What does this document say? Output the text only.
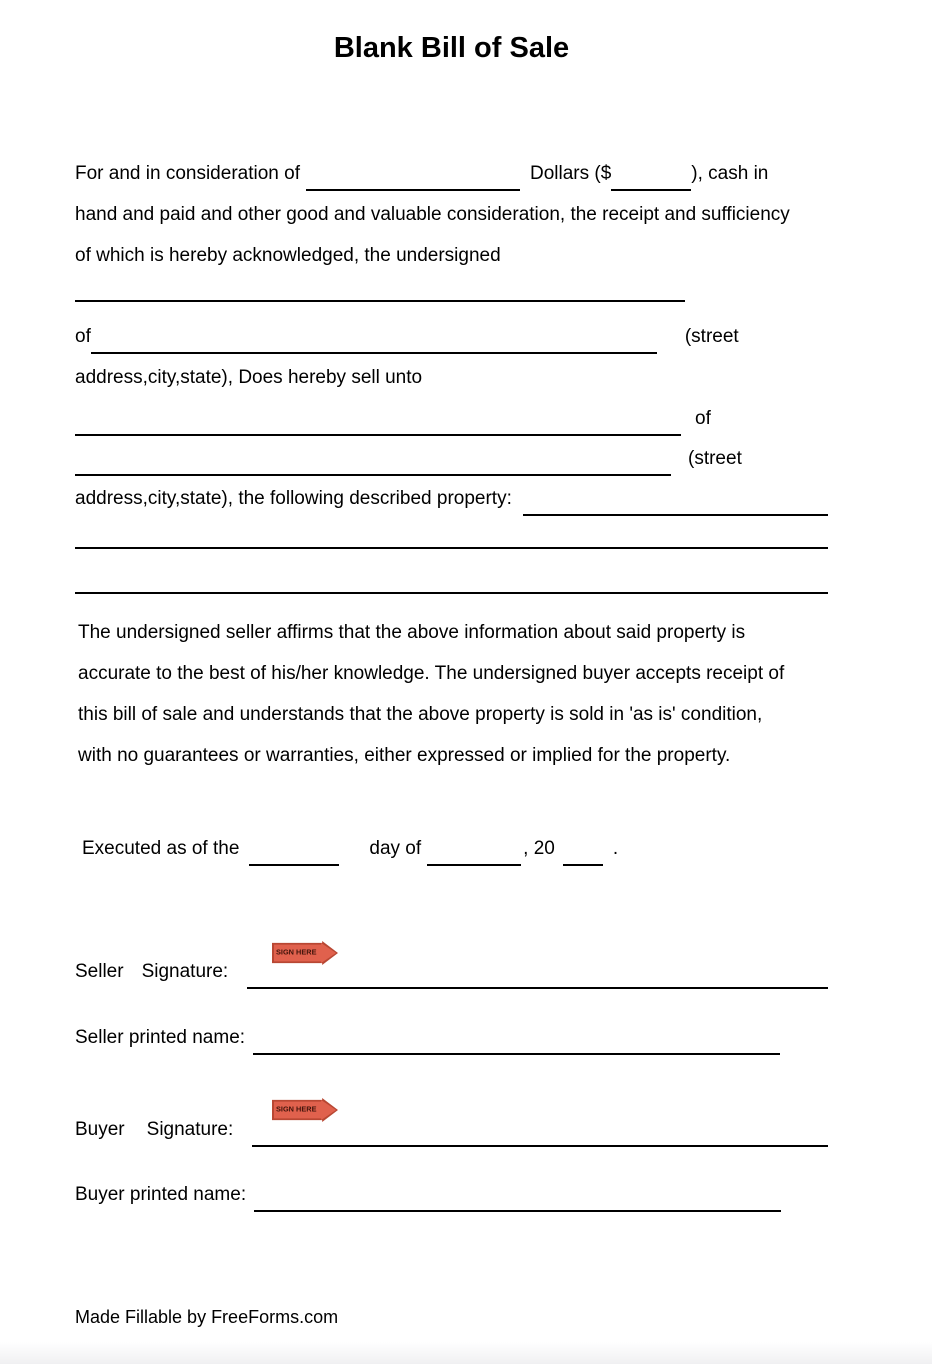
Blank Bill of Sale
For and in consideration of	Dollars ($	), cash in
hand and paid and other good and valuable consideration, the receipt and sufficiency
of which is hereby acknowledged, the undersigned
of	(street
address,city,state), Does hereby sell unto
of
(street
address,city,state), the following described property:
The undersigned seller affirms that the above information about said property is
accurate to the best of his/her knowledge. The undersigned buyer accepts receipt of
this bill of sale and understands that the above property is sold in 'as is' condition,
with no guarantees or warranties, either expressed or implied for the property.
Executed as of the	day of	, 20	.
SIGN HERE
Seller Signature:
Seller printed name:
SIGN HERE
Buyer Signature:
Buyer printed name:
Made Fillable by FreeForms.com
